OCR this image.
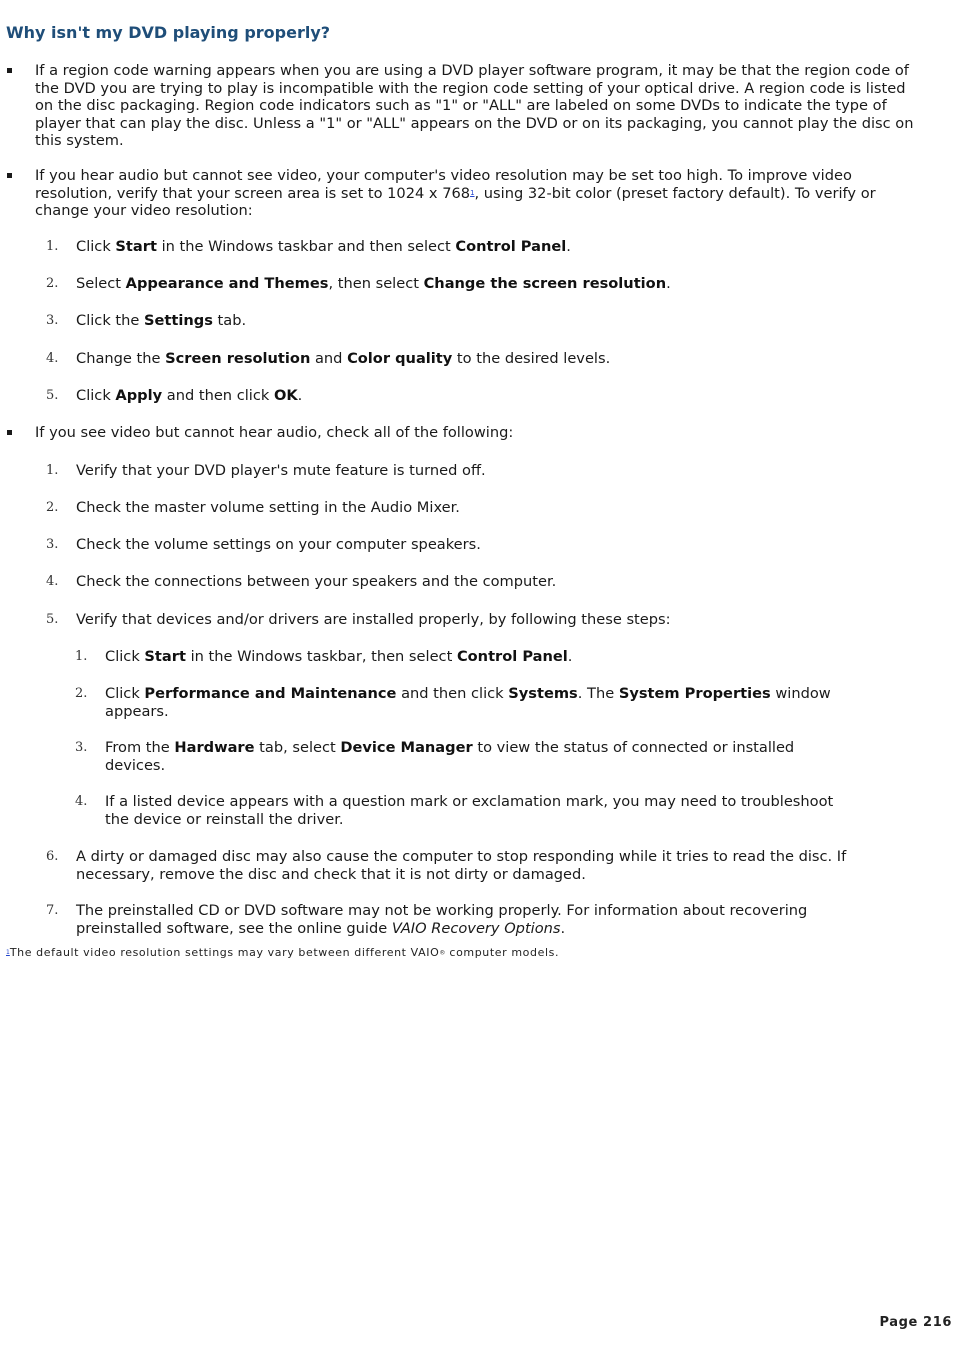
Why isn't my DVD playing properly?

If a region code warning appears when you are using a DVD player software program, it may be that the region code of the DVD you are trying to play is incompatible with the region code setting of your optical drive. A region code is listed on the disc packaging. Region code indicators such as "1" or "ALL" are labeled on some DVDs to indicate the type of player that can play the disc. Unless a "1" or "ALL" appears on the DVD or on its packaging, you cannot play the disc on this system.

If you hear audio but cannot see video, your computer's video resolution may be set too high. To improve video resolution, verify that your screen area is set to 1024 x $768^1$, using 32-bit color (preset factory default). To verify or change your video resolution:

1. Click Start in the Windows taskbar and then select Control Panel.

2. Select Appearance and Themes, then select Change the screen resolution.

3. Click the Settings tab.

4. Change the Screen resolution and Color quality to the desired levels.

5. Click Apply and then click OK.

If you see video but cannot hear audio, check all of the following:

1. Verify that your DVD player's mute feature is turned off.

2. Check the master volume setting in the Audio Mixer.

3. Check the volume settings on your computer speakers.

4. Check the connections between your speakers and the computer.

5. Verify that devices and/or drivers are installed properly, by following these steps:

1. Click Start in the Windows taskbar, then select Control Panel.

2. Click Performance and Maintenance and then click Systems. The System Properties window appears.

3. From the Hardware tab, select Device Manager to view the status of connected or installed devices.

4. If a listed device appears with a question mark or exclamation mark, you may need to troubleshoot the device or reinstall the driver.

6. A dirty or damaged disc may also cause the computer to stop responding while it tries to read the disc. If necessary, remove the disc and check that it is not dirty or damaged.

7. The preinstalled CD or DVD software may not be working properly. For information about recovering preinstalled software, see the online guide VAIO Recovery Options.

$^1$The default video resolution settings may vary between different VAIO® computer models.
Page 216
